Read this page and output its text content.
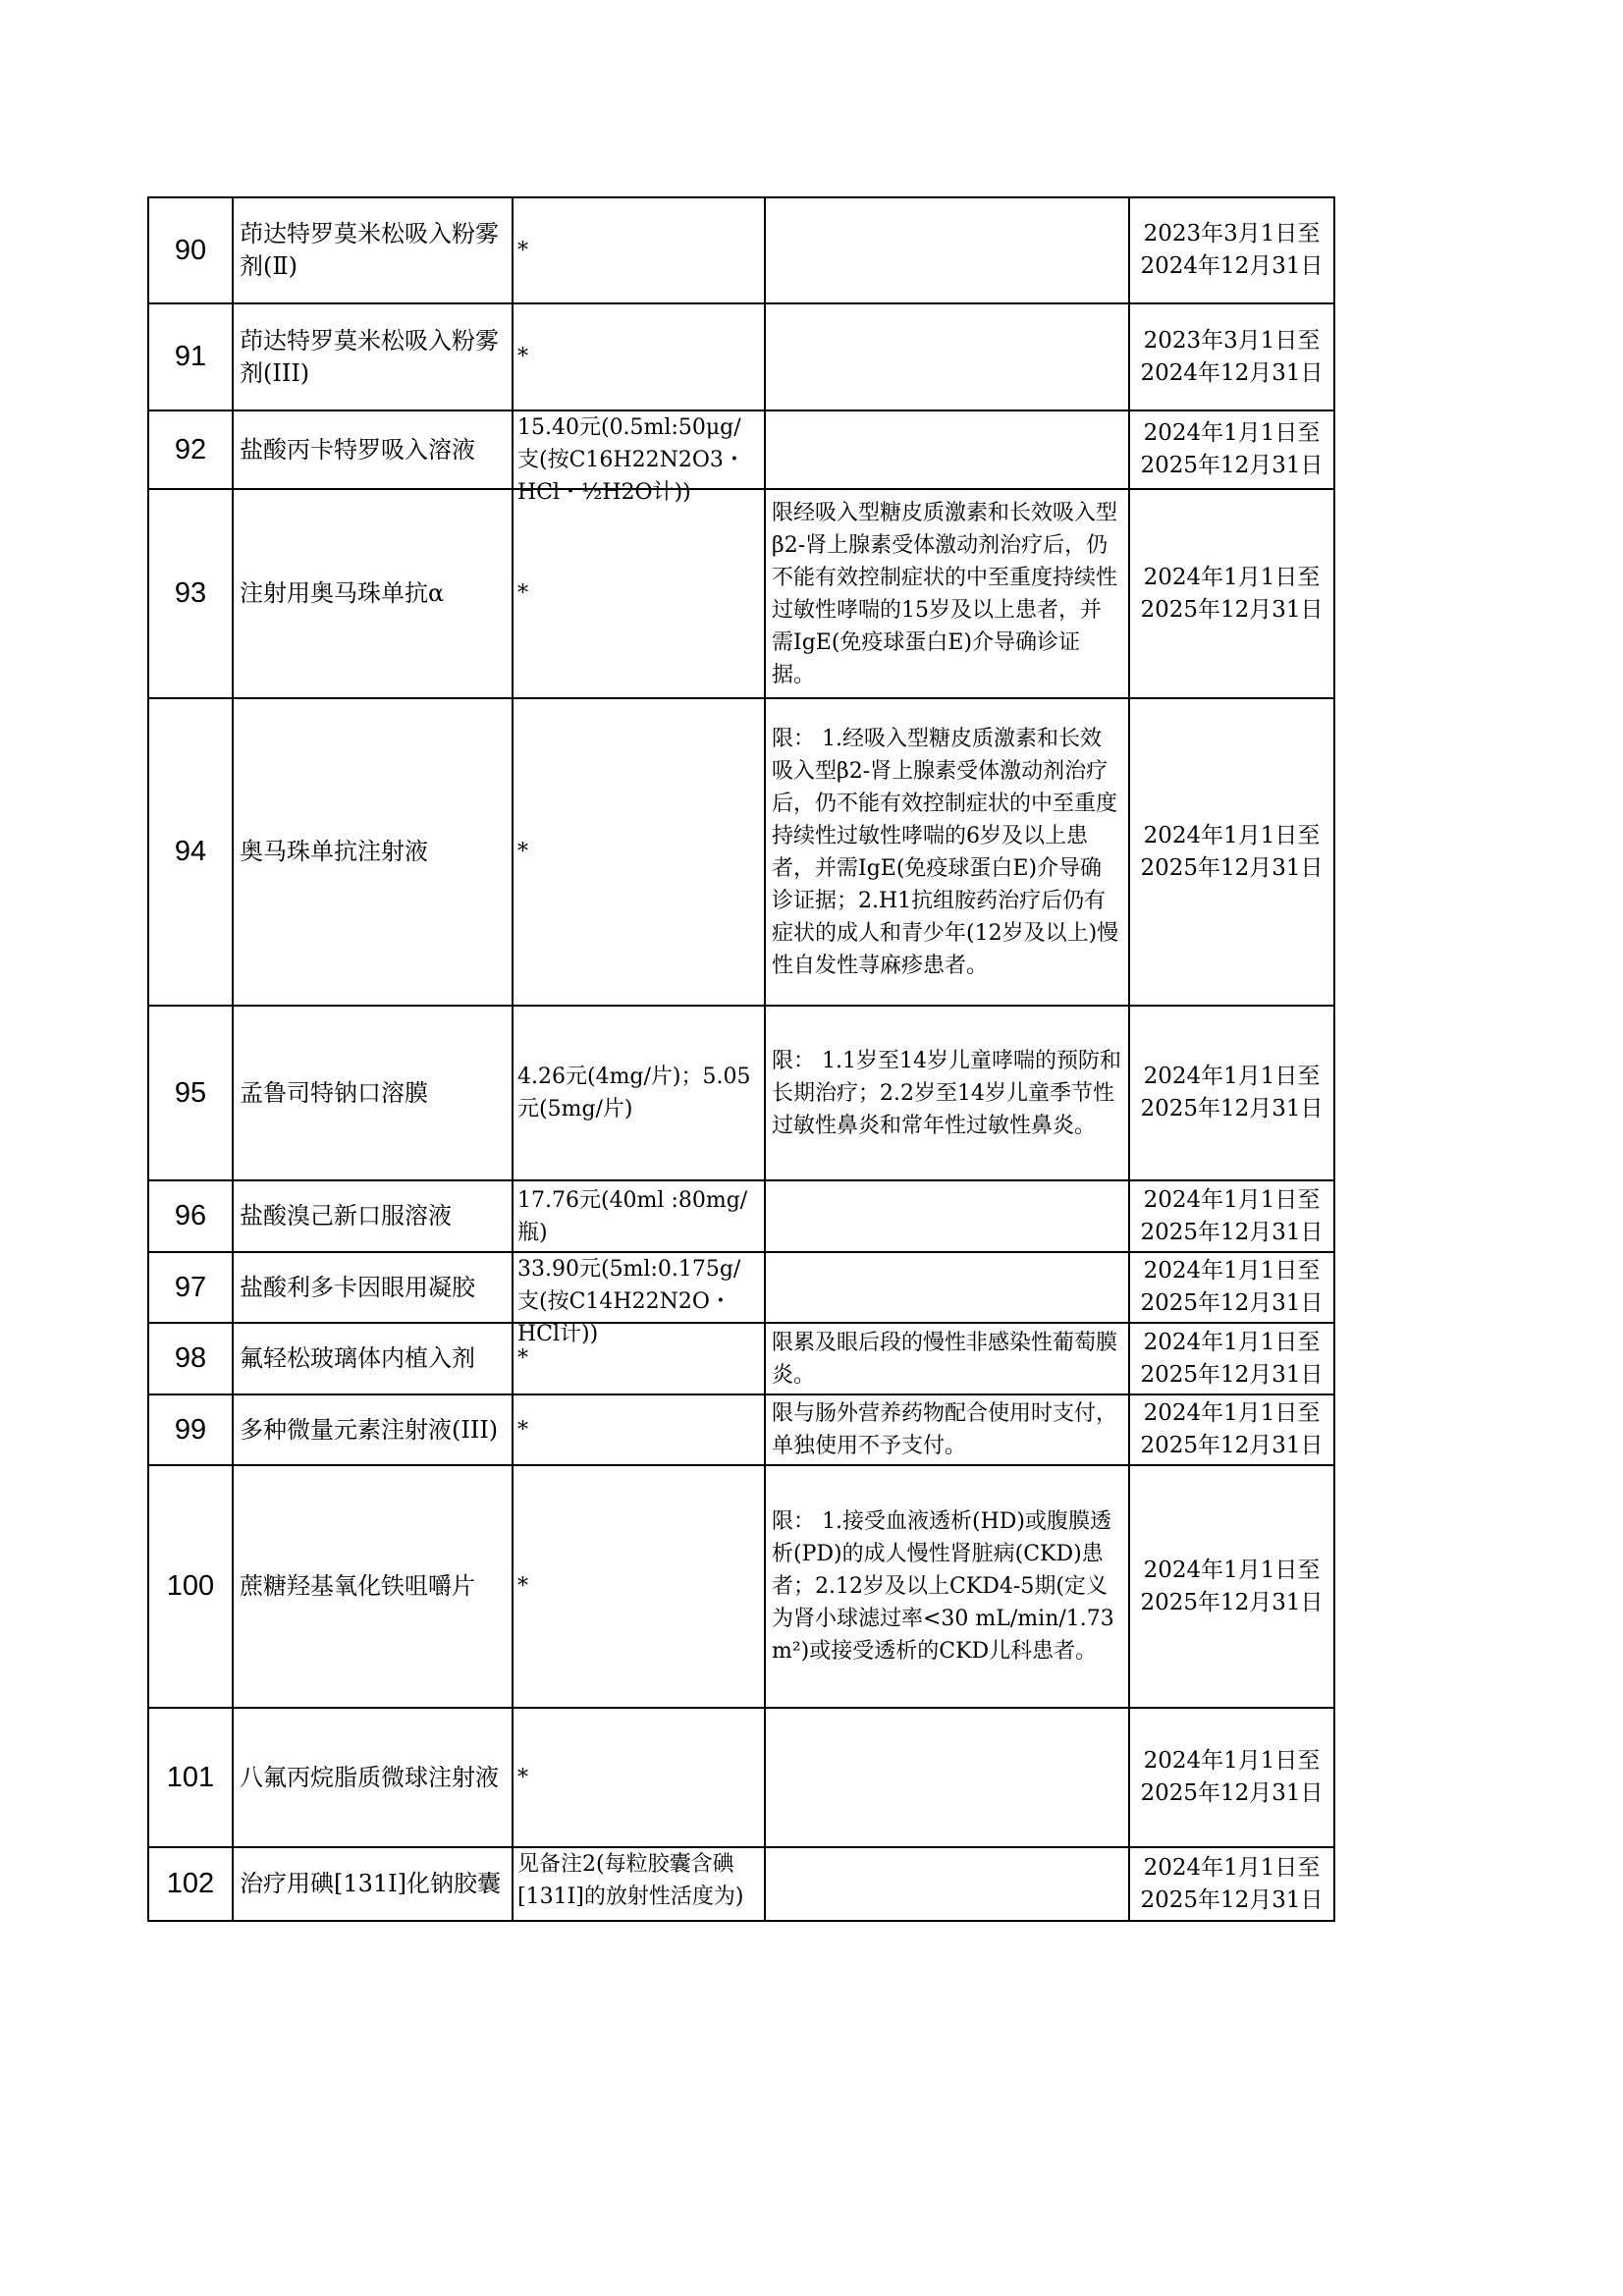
90	茚达特罗莫米松吸入粉雾剂(Ⅱ)	*		2023年3月1日至
2024年12月31日

91	茚达特罗莫米松吸入粉雾剂(III)	*		2023年3月1日至
2024年12月31日

92	盐酸丙卡特罗吸入溶液	15.40元(0.5ml:50μg/支(按C16H22N2O3・HCl・½H2O计))		2024年1月1日至
2025年12月31日

93	注射用奥马珠单抗α	*	限经吸入型糖皮质激素和长效吸入型β2-肾上腺素受体激动剂治疗后，仍不能有效控制症状的中至重度持续性过敏性哮喘的15岁及以上患者，并需IgE(免疫球蛋白E)介导确诊证据。	2024年1月1日至
2025年12月31日

94	奥马珠单抗注射液	*	限： 1.经吸入型糖皮质激素和长效吸入型β2-肾上腺素受体激动剂治疗后，仍不能有效控制症状的中至重度持续性过敏性哮喘的6岁及以上患者，并需IgE(免疫球蛋白E)介导确诊证据；2.H1抗组胺药治疗后仍有症状的成人和青少年(12岁及以上)慢性自发性荨麻疹患者。	2024年1月1日至
2025年12月31日

95	孟鲁司特钠口溶膜	4.26元(4mg/片)；5.05元(5mg/片)	限： 1.1岁至14岁儿童哮喘的预防和长期治疗；2.2岁至14岁儿童季节性过敏性鼻炎和常年性过敏性鼻炎。	2024年1月1日至
2025年12月31日

96	盐酸溴己新口服溶液	17.76元(40ml :80mg/瓶)		2024年1月1日至
2025年12月31日

97	盐酸利多卡因眼用凝胶	33.90元(5ml:0.175g/支(按C14H22N2O・HCl计))		2024年1月1日至
2025年12月31日

98	氟轻松玻璃体内植入剂	*	限累及眼后段的慢性非感染性葡萄膜炎。	2024年1月1日至
2025年12月31日

99	多种微量元素注射液(III)	*	限与肠外营养药物配合使用时支付，单独使用不予支付。	2024年1月1日至
2025年12月31日

100	蔗糖羟基氧化铁咀嚼片	*	限： 1.接受血液透析(HD)或腹膜透析(PD)的成人慢性肾脏病(CKD)患者；2.12岁及以上CKD4-5期(定义为肾小球滤过率<30 mL/min/1.73 m²)或接受透析的CKD儿科患者。	2024年1月1日至
2025年12月31日

101	八氟丙烷脂质微球注射液	*		2024年1月1日至
2025年12月31日

102	治疗用碘[131I]化钠胶囊	见备注2(每粒胶囊含碘[131I]的放射性活度为)		2024年1月1日至
2025年12月31日
